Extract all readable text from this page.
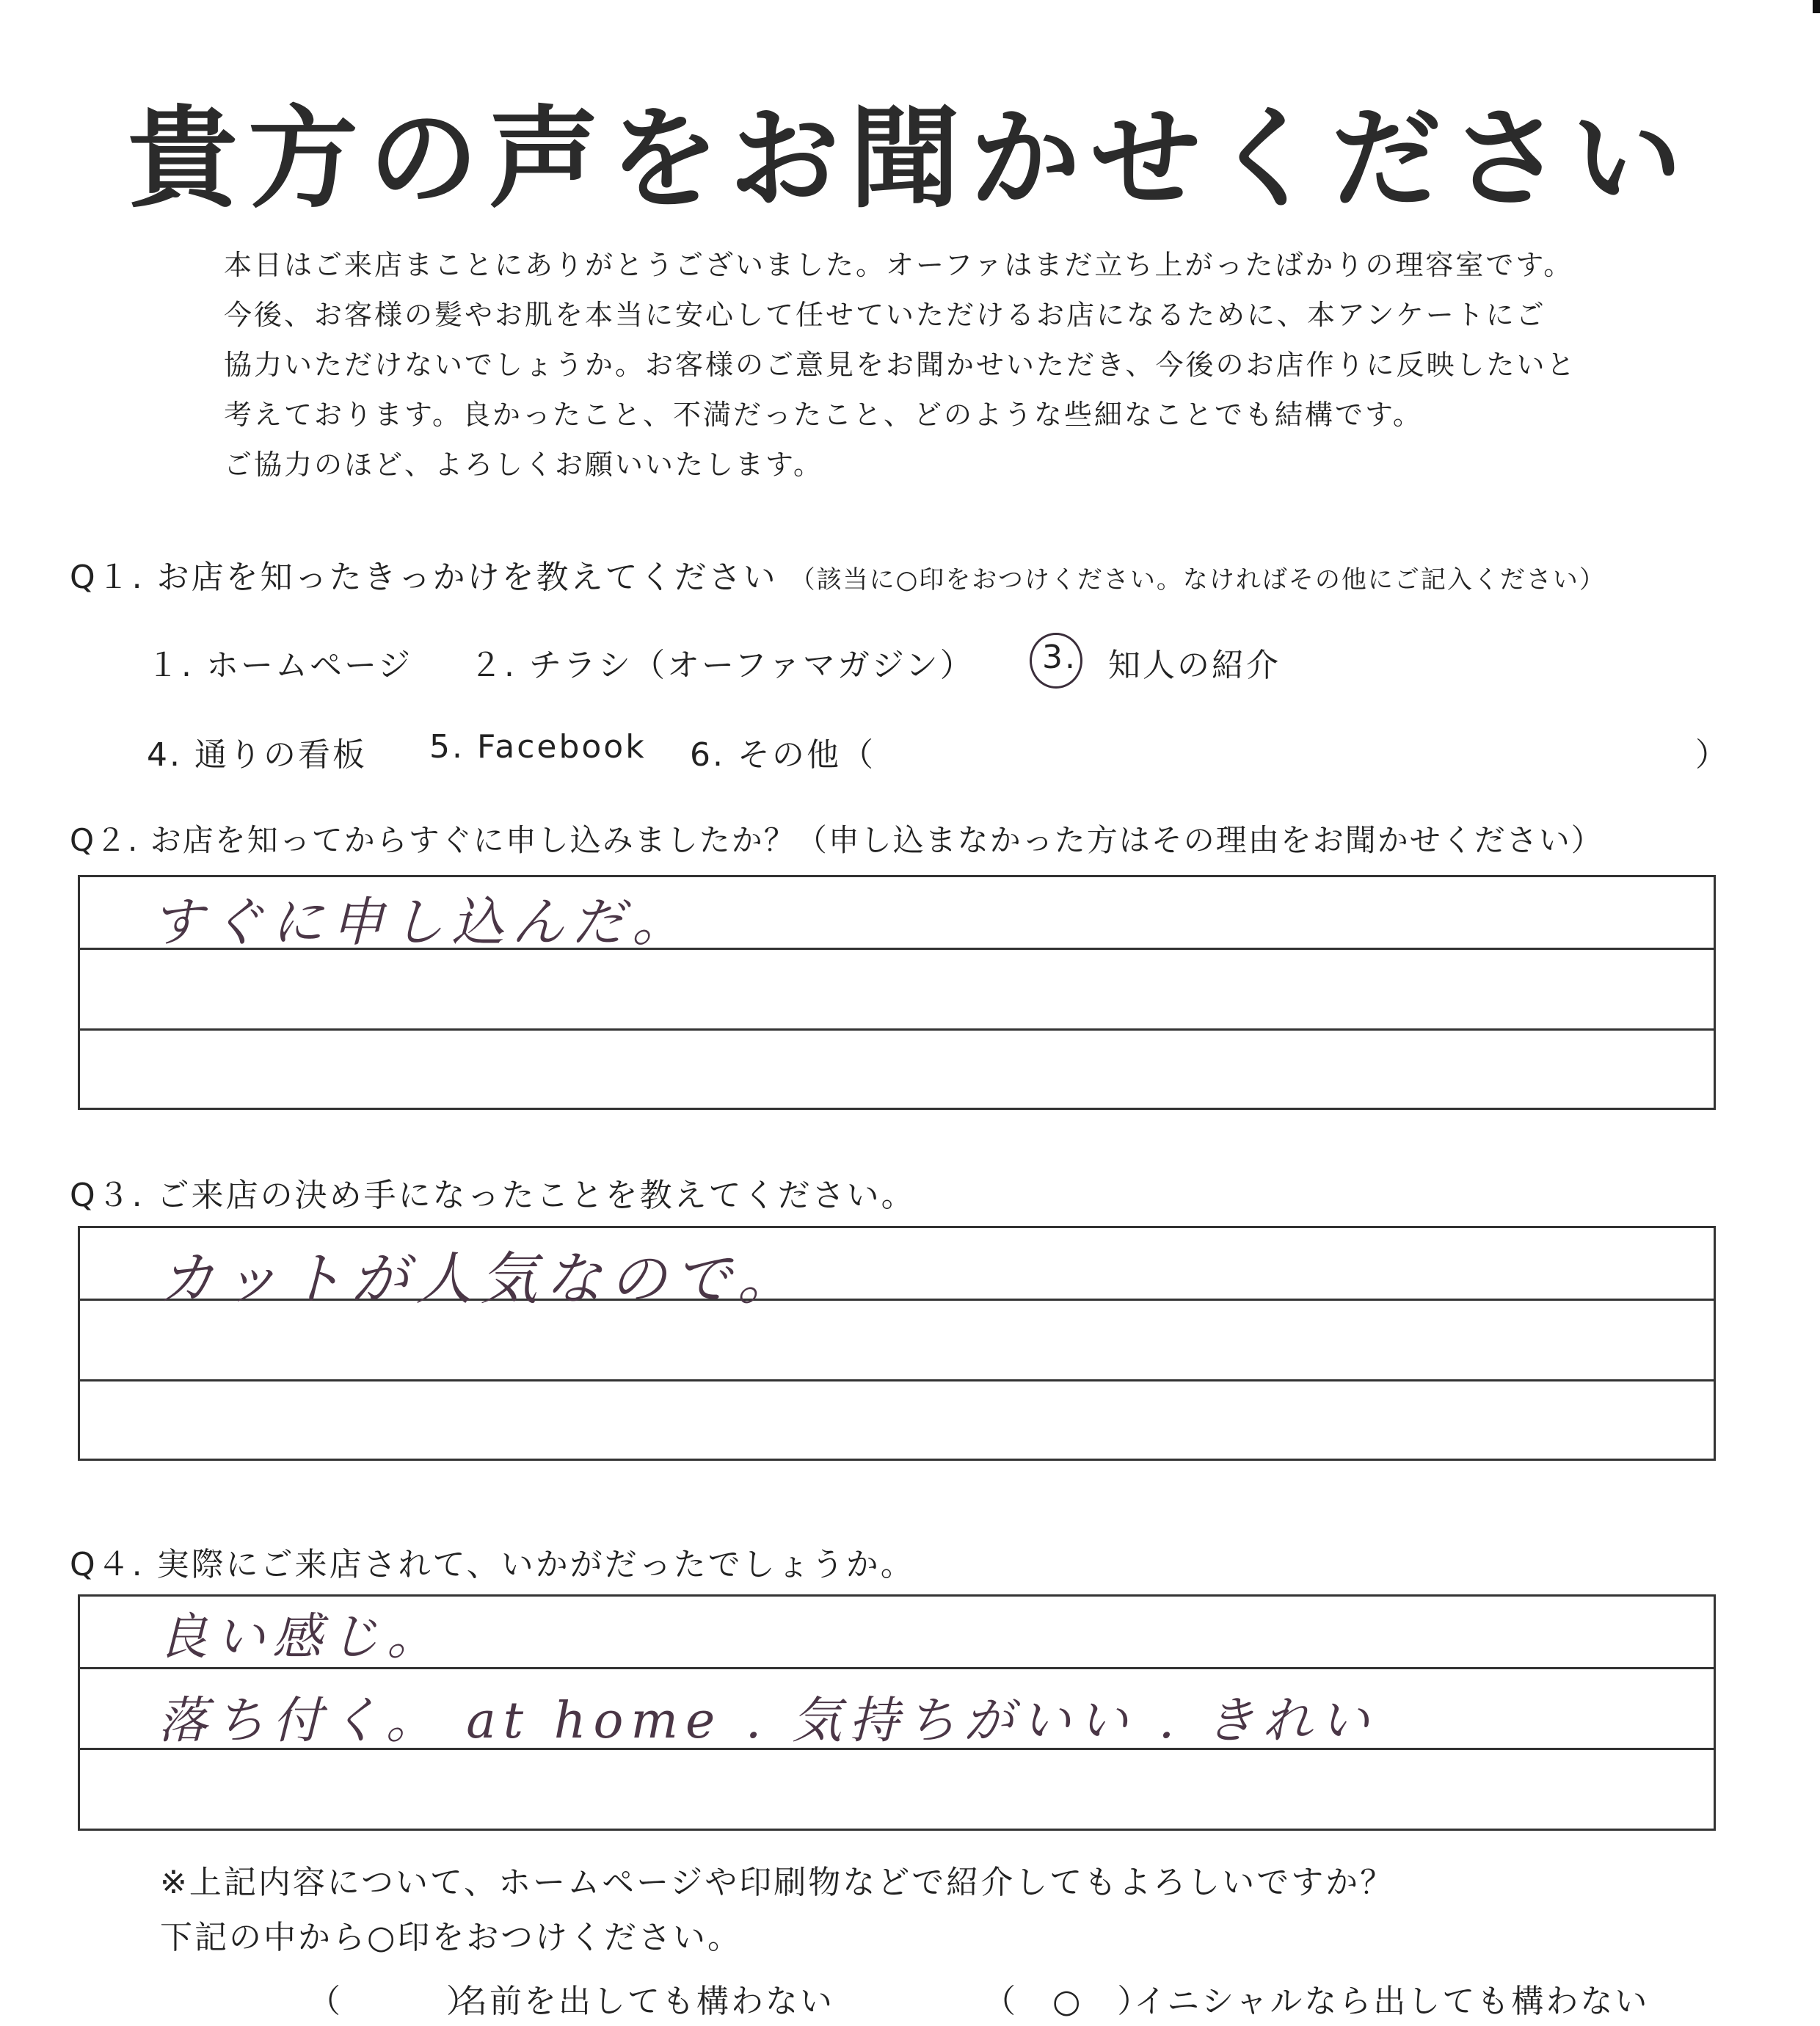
貴方の声をお聞かせください
本日はご来店まことにありがとうございました。オーファはまだ立ち上がったばかりの理容室です。
今後、お客様の髪やお肌を本当に安心して任せていただけるお店になるために、本アンケートにご
協力いただけないでしょうか。お客様のご意見をお聞かせいただき、今後のお店作りに反映したいと
考えております。良かったこと、不満だったこと、どのような些細なことでも結構です。
ご協力のほど、よろしくお願いいたします。
Q１. お店を知ったきっかけを教えてください （該当に○印をおつけください。なければその他にご記入ください）
１. ホームページ ２. チラシ（オーファマガジン） 3. 知人の紹介
4. 通りの看板 5. Facebook 6. その他（	）
Q２. お店を知ってからすぐに申し込みましたか？（申し込まなかった方はその理由をお聞かせください）
すぐに申し込んだ。
Q３. ご来店の決め手になったことを教えてください。
カットが人気なので。
Q４. 実際にご来店されて、いかがだったでしょうか。
良い感じ。
落ち付く。 at home . 気持ちがいい . きれい
※上記内容について、ホームページや印刷物などで紹介してもよろしいですか？
下記の中から○印をおつけください。
（　　　）
名前を出しても構わない	（　○　）
イニシャルなら出しても構わない
